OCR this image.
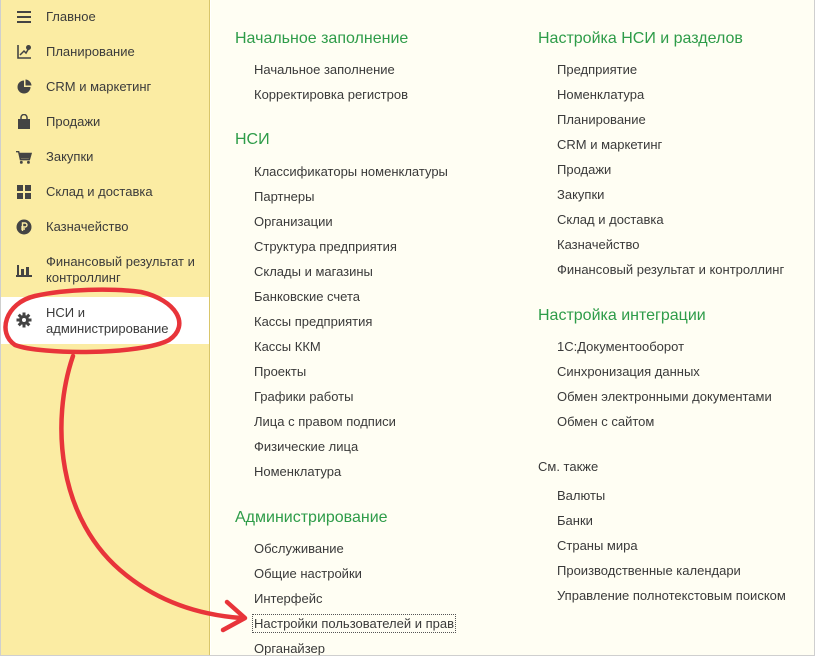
Главное
Планирование
CRM и маркетинг
Продажи
Закупки
Склад и доставка
Казначейство
Финансовый результат и контроллинг
НСИ и администрирование
Начальное заполнение
Начальное заполнение
Корректировка регистров
НСИ
Классификаторы номенклатуры
Партнеры
Организации
Структура предприятия
Склады и магазины
Банковские счета
Кассы предприятия
Кассы ККМ
Проекты
Графики работы
Лица с правом подписи
Физические лица
Номенклатура
Администрирование
Обслуживание
Общие настройки
Интерфейс
Настройки пользователей и прав
Органайзер
Настройка НСИ и разделов
Предприятие
Номенклатура
Планирование
CRM и маркетинг
Продажи
Закупки
Склад и доставка
Казначейство
Финансовый результат и контроллинг
Настройка интеграции
1С:Документооборот
Синхронизация данных
Обмен электронными документами
Обмен с сайтом
См. также
Валюты
Банки
Страны мира
Производственные календари
Управление полнотекстовым поиском
